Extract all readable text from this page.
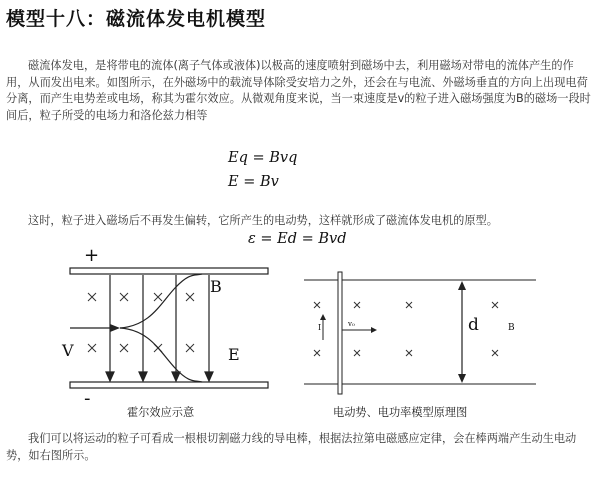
模型十八：磁流体发电机模型
磁流体发电，是将带电的流体(离子气体或液体)以极高的速度喷射到磁场中去，利用磁场对带电的流体产生的作用，从而发出电来。如图所示，在外磁场中的载流导体除受安培力之外，还会在与电流、外磁场垂直的方向上出现电荷分离，而产生电势差或电场，称其为霍尔效应。从微观角度来说，当一束速度是v的粒子进入磁场强度为B的磁场一段时间后，粒子所受的电场力和洛伦兹力相等
Eq = Bvq
E = Bv
这时，粒子进入磁场后不再发生偏转，它所产生的电动势，这样就形成了磁流体发电机的原型。
ε = Ed = Bvd
+
-
B
E
V
I	v₀	d	B
霍尔效应示意	电动势、电功率模型原理图
我们可以将运动的粒子可看成一根根切割磁力线的导电棒，根据法拉第电磁感应定律，会在棒两端产生动生电动势，如右图所示。
